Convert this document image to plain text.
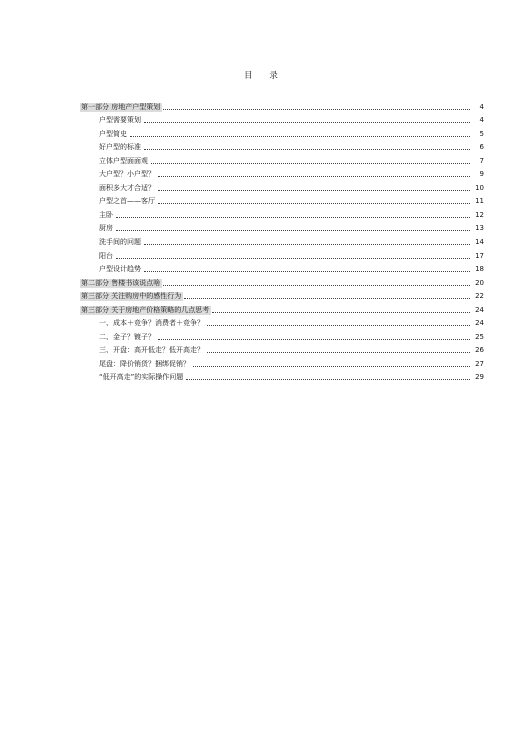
目 录
第一部分 房地产户型策划	4
户型需要策划	4
户型简史	5
好户型的标准	6
立体户型面面观	7
大户型？小户型？	9
面积多大才合适？	10
户型之首——客厅	11
主卧	12
厨房	13
洗手间的问题	14
阳台	17
户型设计趋势	18
第二部分 售楼书该说点啥	20
第三部分 关注购房中的感性行为	22
第三部分 关于房地产价格策略的几点思考	24
一、成本＋竞争？消费者＋竞争？	24
二、金子？镀子？	25
三、开盘：高开低走？低开高走？	26
尾盘：降价销货？捆绑促销？	27
“低开高走”的实际操作问题	29
